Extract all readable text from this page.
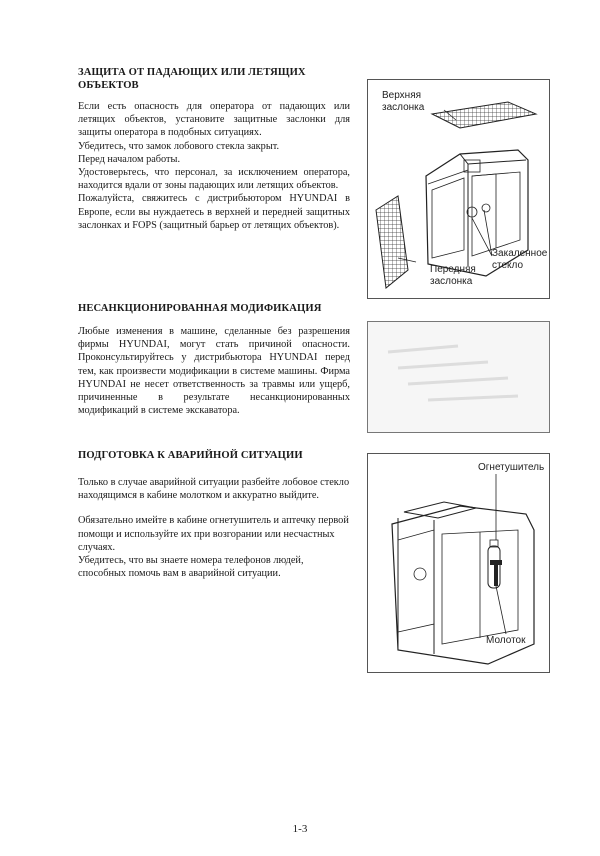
ЗАЩИТА ОТ ПАДАЮЩИХ ИЛИ ЛЕТЯЩИХ ОБЪЕКТОВ

Если есть опасность для оператора от падающих или летящих объектов, установите защитные заслонки для защиты оператора в подобных ситуациях.

Убедитесь, что замок лобового стекла закрыт.

Перед началом работы.

Удостоверьтесь, что персонал, за исключением оператора, находится вдали от зоны падающих или летящих объектов.

Пожалуйста, свяжитесь с дистрибьютором HYUNDAI в Европе, если вы нуждаетесь в верхней и передней защитных заслонках и FOPS (защитный барьер от летящих объектов).

НЕСАНКЦИОНИРОВАННАЯ МОДИФИКАЦИЯ

Любые изменения в машине, сделанные без разрешения фирмы HYUNDAI, могут стать причиной опасности. Проконсультируйтесь у дистрибьютора HYUNDAI перед тем, как произвести модификации в системе машины. Фирма HYUNDAI не несет ответственность за травмы или ущерб, причиненные в результате несанкционированных модификаций в системе экскаватора.

ПОДГОТОВКА К АВАРИЙНОЙ СИТУАЦИИ

Только в случае аварийной ситуации разбейте лобовое стекло находящимся в кабине молотком и аккуратно выйдите.

Обязательно имейте в кабине огнетушитель и аптечку первой помощи и используйте их при возгорании или несчастных случаях.

Убедитесь, что вы знаете номера телефонов людей, способных помочь вам в аварийной ситуации.

Верхняя
заслонка
Закаленное
стекло
Передняя
заслонка
Огнетушитель
Молоток
1-3
